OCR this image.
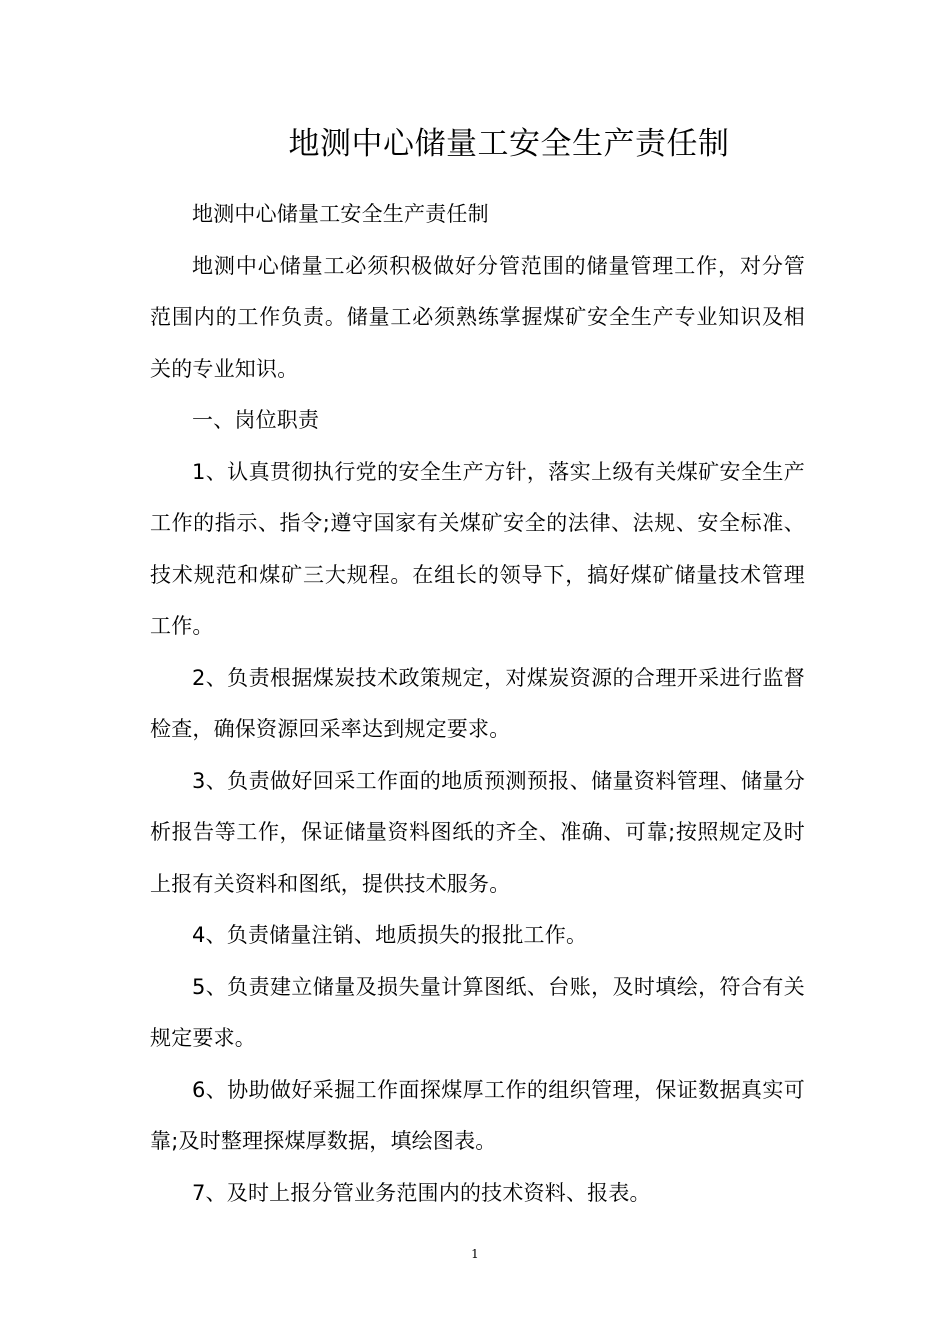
地测中心储量工安全生产责任制

地测中心储量工安全生产责任制

地测中心储量工必须积极做好分管范围的储量管理工作，对分管范围内的工作负责。储量工必须熟练掌握煤矿安全生产专业知识及相关的专业知识。

一、岗位职责

1、认真贯彻执行党的安全生产方针，落实上级有关煤矿安全生产工作的指示、指令;遵守国家有关煤矿安全的法律、法规、安全标准、技术规范和煤矿三大规程。在组长的领导下，搞好煤矿储量技术管理工作。

2、负责根据煤炭技术政策规定，对煤炭资源的合理开采进行监督检查，确保资源回采率达到规定要求。

3、负责做好回采工作面的地质预测预报、储量资料管理、储量分析报告等工作，保证储量资料图纸的齐全、准确、可靠;按照规定及时上报有关资料和图纸，提供技术服务。

4、负责储量注销、地质损失的报批工作。

5、负责建立储量及损失量计算图纸、台账，及时填绘，符合有关规定要求。

6、协助做好采掘工作面探煤厚工作的组织管理，保证数据真实可靠;及时整理探煤厚数据，填绘图表。

7、及时上报分管业务范围内的技术资料、报表。

1
